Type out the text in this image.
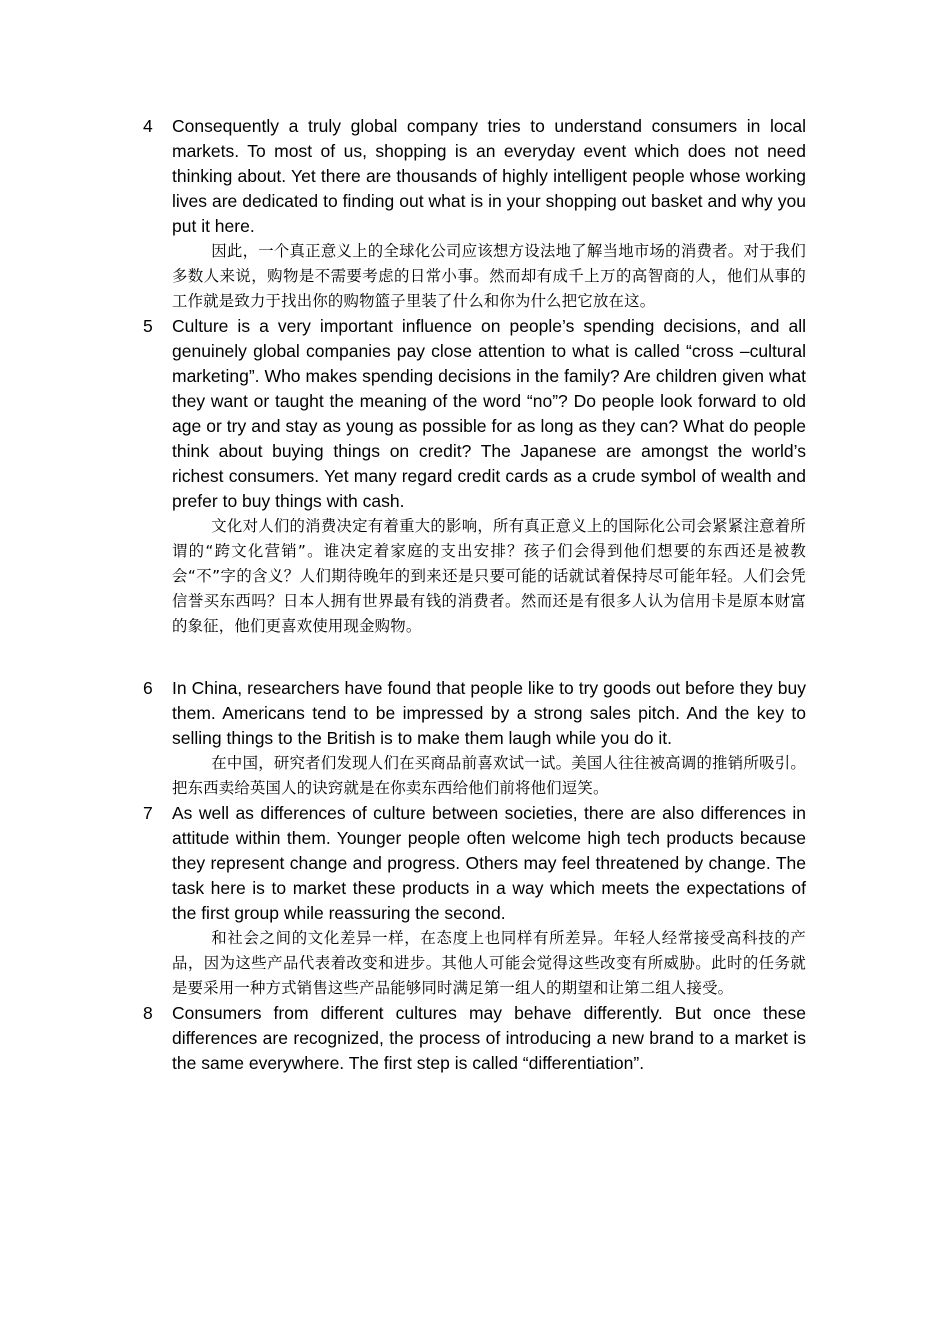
4 Consequently a truly global company tries to understand consumers in local markets. To most of us, shopping is an everyday event which does not need thinking about. Yet there are thousands of highly intelligent people whose working lives are dedicated to finding out what is in your shopping out basket and why you put it here.

因此，一个真正意义上的全球化公司应该想方设法地了解当地市场的消费者。对于我们多数人来说，购物是不需要考虑的日常小事。然而却有成千上万的高智商的人，他们从事的工作就是致力于找出你的购物篮子里装了什么和你为什么把它放在这。

5 Culture is a very important influence on people’s spending decisions, and all genuinely global companies pay close attention to what is called “cross –cultural marketing”. Who makes spending decisions in the family? Are children given what they want or taught the meaning of the word “no”? Do people look forward to old age or try and stay as young as possible for as long as they can? What do people think about buying things on credit? The Japanese are amongst the world’s richest consumers. Yet many regard credit cards as a crude symbol of wealth and prefer to buy things with cash.

文化对人们的消费决定有着重大的影响，所有真正意义上的国际化公司会紧紧注意着所谓的“跨文化营销”。谁决定着家庭的支出安排？孩子们会得到他们想要的东西还是被教会“不”字的含义？人们期待晚年的到来还是只要可能的话就试着保持尽可能年轻。人们会凭信誉买东西吗？日本人拥有世界最有钱的消费者。然而还是有很多人认为信用卡是原本财富的象征，他们更喜欢使用现金购物。

6 In China, researchers have found that people like to try goods out before they buy them. Americans tend to be impressed by a strong sales pitch. And the key to selling things to the British is to make them laugh while you do it.

在中国，研究者们发现人们在买商品前喜欢试一试。美国人往往被高调的推销所吸引。把东西卖给英国人的诀窍就是在你卖东西给他们前将他们逗笑。

7 As well as differences of culture between societies, there are also differences in attitude within them. Younger people often welcome high tech products because they represent change and progress. Others may feel threatened by change. The task here is to market these products in a way which meets the expectations of the first group while reassuring the second.

和社会之间的文化差异一样，在态度上也同样有所差异。年轻人经常接受高科技的产品，因为这些产品代表着改变和进步。其他人可能会觉得这些改变有所威胁。此时的任务就是要采用一种方式销售这些产品能够同时满足第一组人的期望和让第二组人接受。

8 Consumers from different cultures may behave differently. But once these differences are recognized, the process of introducing a new brand to a market is the same everywhere. The first step is called “differentiation”.
